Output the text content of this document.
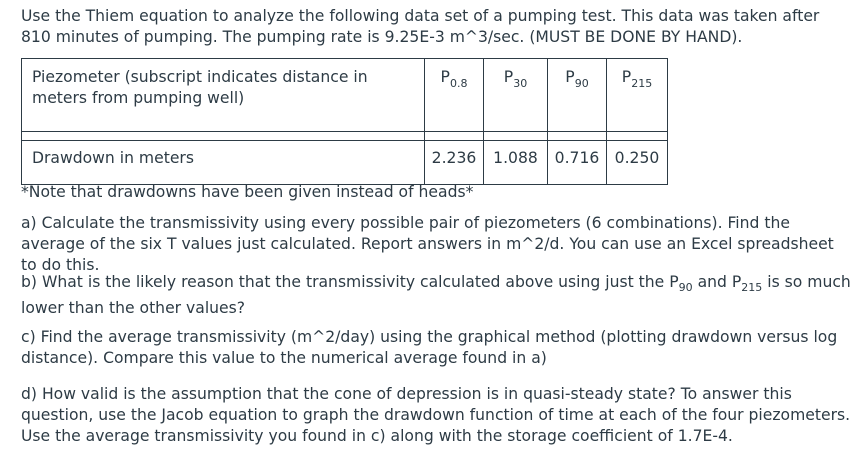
Use the Thiem equation to analyze the following data set of a pumping test. This data was taken after 810 minutes of pumping. The pumping rate is 9.25E-3 m^3/sec. (MUST BE DONE BY HAND).

Piezometer (subscript indicates distance in meters from pumping well)	$P_{0.8}$	$P_{30}$	$P_{90}$	$P_{215}$

Drawdown in meters	2.236	1.088	0.716	0.250

*Note that drawdowns have been given instead of heads*

a) Calculate the transmissivity using every possible pair of piezometers (6 combinations). Find the average of the six T values just calculated. Report answers in m^2/d. You can use an Excel spreadsheet to do this.

b) What is the likely reason that the transmissivity calculated above using just the $P_{90}$ and $P_{215}$ is so much lower than the other values?

c) Find the average transmissivity (m^2/day) using the graphical method (plotting drawdown versus log distance). Compare this value to the numerical average found in a)

d) How valid is the assumption that the cone of depression is in quasi-steady state? To answer this question, use the Jacob equation to graph the drawdown function of time at each of the four piezometers. Use the average transmissivity you found in c) along with the storage coefficient of 1.7E-4.
